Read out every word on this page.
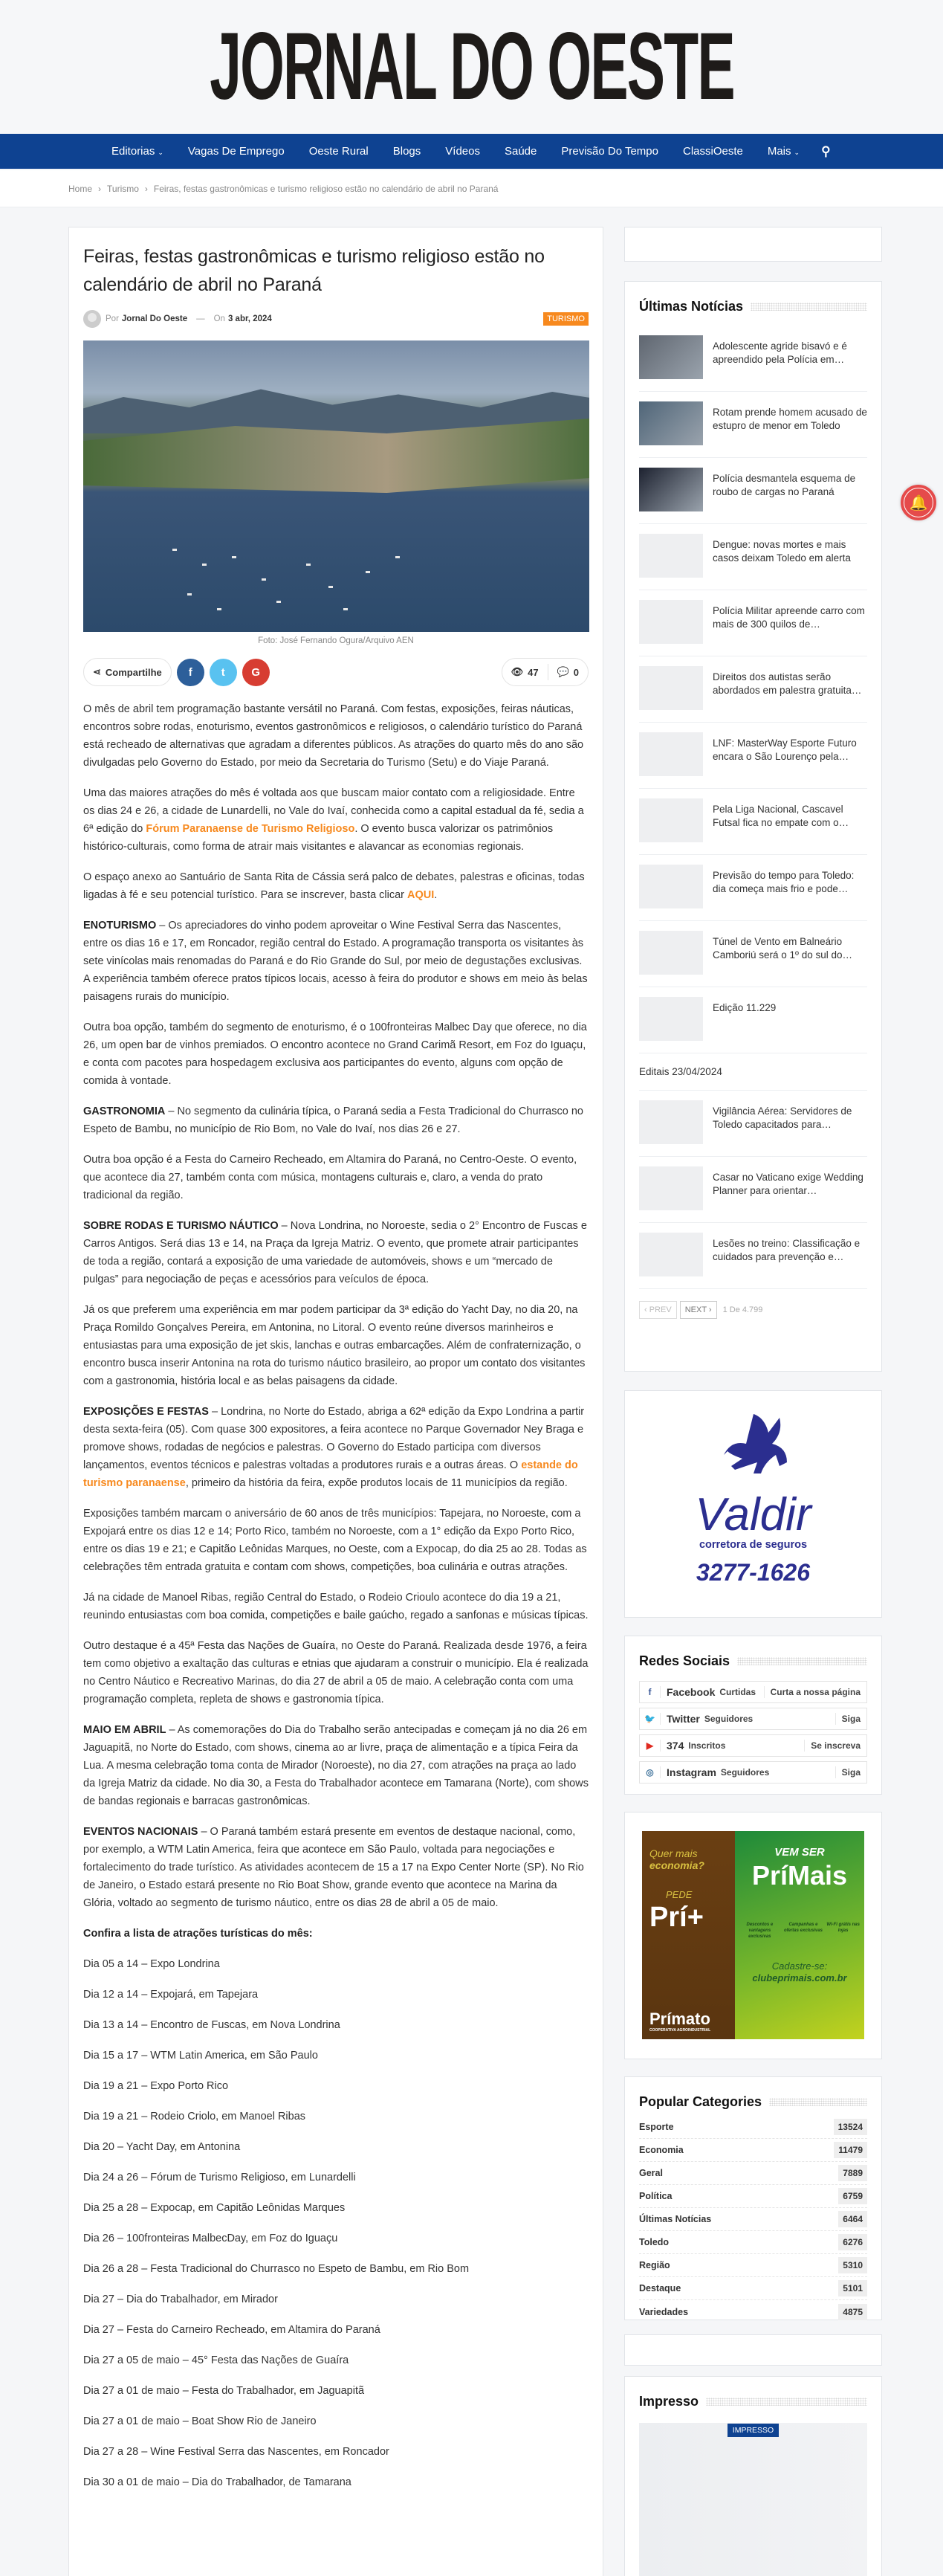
JORNAL DO OESTE
Editorias ⌄ Vagas De Emprego Oeste Rural Blogs Vídeos Saúde Previsão Do Tempo ClassiOeste Mais ⌄ ⚲
Home › Turismo › Feiras, festas gastronômicas e turismo religioso estão no calendário de abril no Paraná
Feiras, festas gastronômicas e turismo religioso estão no calendário de abril no Paraná
Por Jornal Do Oeste — On 3 abr, 2024	TURISMO
Foto: José Fernando Ogura/Arquivo AEN
⋖ Compartilhe f	t G	👁 47 💬 0

O mês de abril tem programação bastante versátil no Paraná. Com festas, exposições, feiras náuticas, encontros sobre rodas, enoturismo, eventos gastronômicos e religiosos, o calendário turístico do Paraná está recheado de alternativas que agradam a diferentes públicos. As atrações do quarto mês do ano são divulgadas pelo Governo do Estado, por meio da Secretaria do Turismo (Setu) e do Viaje Paraná.

Uma das maiores atrações do mês é voltada aos que buscam maior contato com a religiosidade. Entre os dias 24 e 26, a cidade de Lunardelli, no Vale do Ivaí, conhecida como a capital estadual da fé, sedia a 6ª edição do Fórum Paranaense de Turismo Religioso. O evento busca valorizar os patrimônios histórico-culturais, como forma de atrair mais visitantes e alavancar as economias regionais.

O espaço anexo ao Santuário de Santa Rita de Cássia será palco de debates, palestras e oficinas, todas ligadas à fé e seu potencial turístico. Para se inscrever, basta clicar AQUI.

ENOTURISMO – Os apreciadores do vinho podem aproveitar o Wine Festival Serra das Nascentes, entre os dias 16 e 17, em Roncador, região central do Estado. A programação transporta os visitantes às sete vinícolas mais renomadas do Paraná e do Rio Grande do Sul, por meio de degustações exclusivas. A experiência também oferece pratos típicos locais, acesso à feira do produtor e shows em meio às belas paisagens rurais do município.

Outra boa opção, também do segmento de enoturismo, é o 100fronteiras Malbec Day que oferece, no dia 26, um open bar de vinhos premiados. O encontro acontece no Grand Carimã Resort, em Foz do Iguaçu, e conta com pacotes para hospedagem exclusiva aos participantes do evento, alguns com opção de comida à vontade.

GASTRONOMIA – No segmento da culinária típica, o Paraná sedia a Festa Tradicional do Churrasco no Espeto de Bambu, no município de Rio Bom, no Vale do Ivaí, nos dias 26 e 27.

Outra boa opção é a Festa do Carneiro Recheado, em Altamira do Paraná, no Centro-Oeste. O evento, que acontece dia 27, também conta com música, montagens culturais e, claro, a venda do prato tradicional da região.

SOBRE RODAS E TURISMO NÁUTICO – Nova Londrina, no Noroeste, sedia o 2° Encontro de Fuscas e Carros Antigos. Será dias 13 e 14, na Praça da Igreja Matriz. O evento, que promete atrair participantes de toda a região, contará a exposição de uma variedade de automóveis, shows e um “mercado de pulgas” para negociação de peças e acessórios para veículos de época.

Já os que preferem uma experiência em mar podem participar da 3ª edição do Yacht Day, no dia 20, na Praça Romildo Gonçalves Pereira, em Antonina, no Litoral. O evento reúne diversos marinheiros e entusiastas para uma exposição de jet skis, lanchas e outras embarcações. Além de confraternização, o encontro busca inserir Antonina na rota do turismo náutico brasileiro, ao propor um contato dos visitantes com a gastronomia, história local e as belas paisagens da cidade.

EXPOSIÇÕES E FESTAS – Londrina, no Norte do Estado, abriga a 62ª edição da Expo Londrina a partir desta sexta-feira (05). Com quase 300 expositores, a feira acontece no Parque Governador Ney Braga e promove shows, rodadas de negócios e palestras. O Governo do Estado participa com diversos lançamentos, eventos técnicos e palestras voltadas a produtores rurais e a outras áreas. O estande do turismo paranaense, primeiro da história da feira, expõe produtos locais de 11 municípios da região.

Exposições também marcam o aniversário de 60 anos de três municípios: Tapejara, no Noroeste, com a Expojará entre os dias 12 e 14; Porto Rico, também no Noroeste, com a 1° edição da Expo Porto Rico, entre os dias 19 e 21; e Capitão Leônidas Marques, no Oeste, com a Expocap, do dia 25 ao 28. Todas as celebrações têm entrada gratuita e contam com shows, competições, boa culinária e outras atrações.

Já na cidade de Manoel Ribas, região Central do Estado, o Rodeio Crioulo acontece do dia 19 a 21, reunindo entusiastas com boa comida, competições e baile gaúcho, regado a sanfonas e músicas típicas.

Outro destaque é a 45ª Festa das Nações de Guaíra, no Oeste do Paraná. Realizada desde 1976, a feira tem como objetivo a exaltação das culturas e etnias que ajudaram a construir o município. Ela é realizada no Centro Náutico e Recreativo Marinas, do dia 27 de abril a 05 de maio. A celebração conta com uma programação completa, repleta de shows e gastronomia típica.

MAIO EM ABRIL – As comemorações do Dia do Trabalho serão antecipadas e começam já no dia 26 em Jaguapitã, no Norte do Estado, com shows, cinema ao ar livre, praça de alimentação e a típica Feira da Lua. A mesma celebração toma conta de Mirador (Noroeste), no dia 27, com atrações na praça ao lado da Igreja Matriz da cidade. No dia 30, a Festa do Trabalhador acontece em Tamarana (Norte), com shows de bandas regionais e barracas gastronômicas.

EVENTOS NACIONAIS – O Paraná também estará presente em eventos de destaque nacional, como, por exemplo, a WTM Latin America, feira que acontece em São Paulo, voltada para negociações e fortalecimento do trade turístico. As atividades acontecem de 15 a 17 na Expo Center Norte (SP). No Rio de Janeiro, o Estado estará presente no Rio Boat Show, grande evento que acontece na Marina da Glória, voltado ao segmento de turismo náutico, entre os dias 28 de abril a 05 de maio.

Confira a lista de atrações turísticas do mês:

Dia 05 a 14 – Expo Londrina

Dia 12 a 14 – Expojará, em Tapejara

Dia 13 a 14 – Encontro de Fuscas, em Nova Londrina

Dia 15 a 17 – WTM Latin America, em São Paulo

Dia 19 a 21 – Expo Porto Rico

Dia 19 a 21 – Rodeio Criolo, em Manoel Ribas

Dia 20 – Yacht Day, em Antonina

Dia 24 a 26 – Fórum de Turismo Religioso, em Lunardelli

Dia 25 a 28 – Expocap, em Capitão Leônidas Marques

Dia 26 – 100fronteiras MalbecDay, em Foz do Iguaçu

Dia 26 a 28 – Festa Tradicional do Churrasco no Espeto de Bambu, em Rio Bom

Dia 27 – Dia do Trabalhador, em Mirador

Dia 27 – Festa do Carneiro Recheado, em Altamira do Paraná

Dia 27 a 05 de maio – 45° Festa das Nações de Guaíra

Dia 27 a 01 de maio – Festa do Trabalhador, em Jaguapitã

Dia 27 a 01 de maio – Boat Show Rio de Janeiro

Dia 27 a 28 – Wine Festival Serra das Nascentes, em Roncador

Dia 30 a 01 de maio – Dia do Trabalhador, de Tamarana

Últimas Notícias
Adolescente agride bisavó e é apreendido pela Polícia em…
Rotam prende homem acusado de estupro de menor em Toledo
Polícia desmantela esquema de roubo de cargas no Paraná
Dengue: novas mortes e mais casos deixam Toledo em alerta
Polícia Militar apreende carro com mais de 300 quilos de…
Direitos dos autistas serão abordados em palestra gratuita…
LNF: MasterWay Esporte Futuro encara o São Lourenço pela…
Pela Liga Nacional, Cascavel Futsal fica no empate com o…
Previsão do tempo para Toledo: dia começa mais frio e pode…
Túnel de Vento em Balneário Camboriú será o 1º do sul do…
Edição 11.229
Editais 23/04/2024
Vigilância Aérea: Servidores de Toledo capacitados para…
Casar no Vaticano exige Wedding Planner para orientar…
Lesões no treino: Classificação e cuidados para prevenção e…
‹ PREV	NEXT ›	1 De 4.799
Valdir
corretora de seguros
3277-1626
Redes Sociais
f	Facebook Curtidas	Curta a nossa página
🐦	Twitter Seguidores	Siga
▶	374 Inscritos	Se inscreva
◎	Instagram Seguidores	Siga
Quer mais
economia?
PEDE
Prí+
Prímato
COOPERATIVA AGROINDUSTRIAL
VEM SER
PríMais
Descontos e vantagens exclusivas
Campanhas e ofertas exclusivas
Wi-Fi grátis nas lojas
Cadastre-se:
clubeprimais.com.br
Popular Categories
Esporte	13524
Economia	11479
Geral	7889
Política	6759
Últimas Notícias	6464
Toledo	6276
Região	5310
Destaque	5101
Variedades	4875
Impresso
IMPRESSO
🔔
